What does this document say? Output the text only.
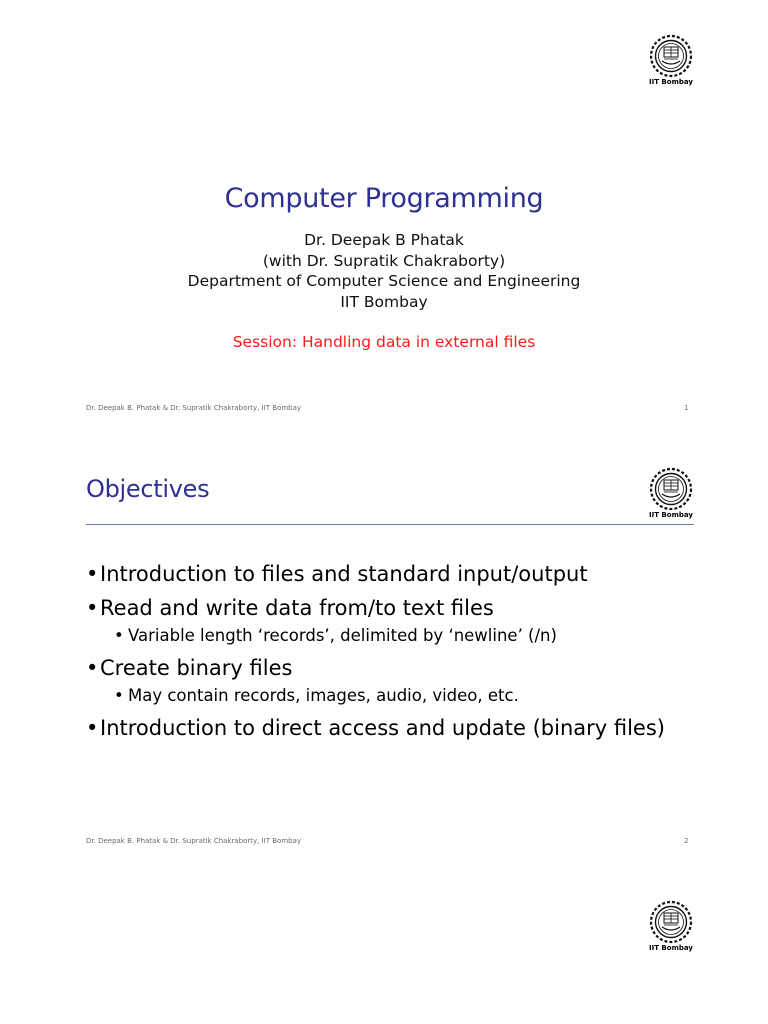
IIT Bombay
Computer Programming
Dr. Deepak B Phatak
(with Dr. Supratik Chakraborty)
Department of Computer Science and Engineering
IIT Bombay
Session: Handling data in external files
Dr. Deepak B. Phatak & Dr. Supratik Chakraborty, IIT Bombay	1
Objectives
IIT Bombay
• Introduction to files and standard input/output
• Read and write data from/to text files
• Variable length ‘records’, delimited by ‘newline’ (/n)
• Create binary files
• May contain records, images, audio, video, etc.
• Introduction to direct access and update (binary files)
Dr. Deepak B. Phatak & Dr. Supratik Chakraborty, IIT Bombay	2
IIT Bombay
